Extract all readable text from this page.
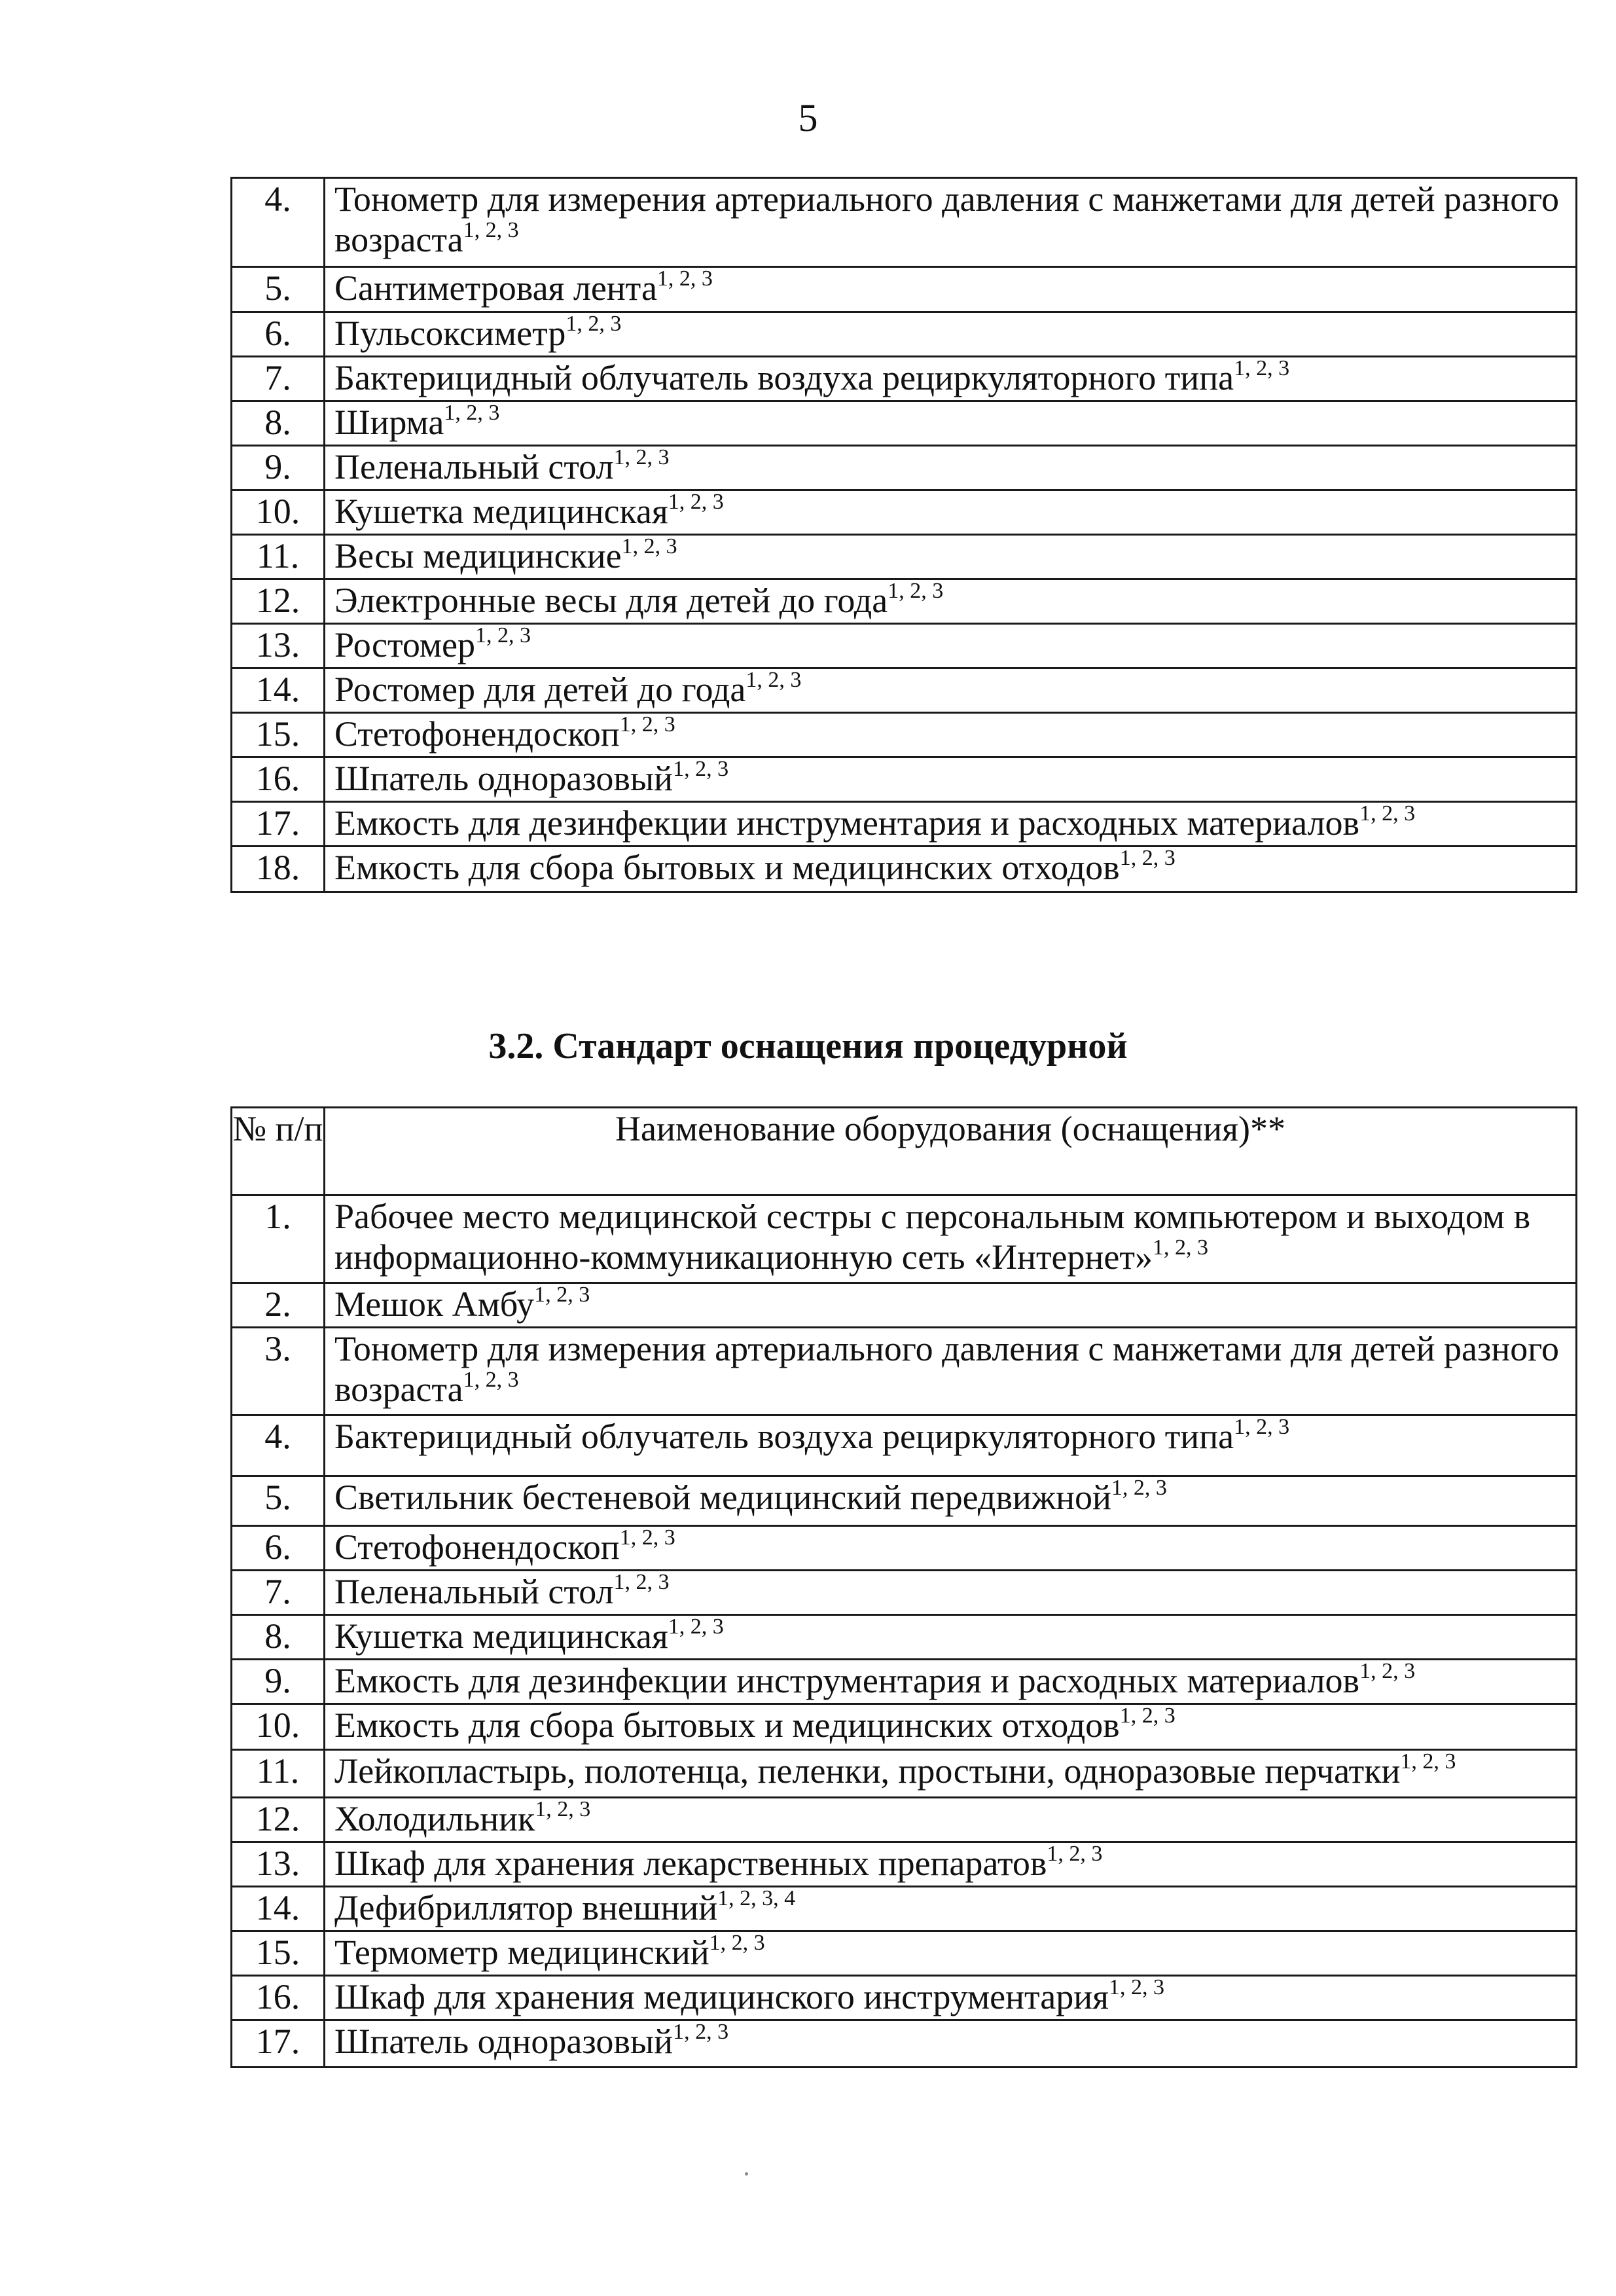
5
4.	Тонометр для измерения артериального давления с манжетами для детей разного возраста$^{1, 2, 3}$
5.	Сантиметровая лента$^{1, 2, 3}$
6.	Пульсоксиметр$^{1, 2, 3}$
7.	Бактерицидный облучатель воздуха рециркуляторного типа$^{1, 2, 3}$
8.	Ширма$^{1, 2, 3}$
9.	Пеленальный стол$^{1, 2, 3}$
10.	Кушетка медицинская$^{1, 2, 3}$
11.	Весы медицинские$^{1, 2, 3}$
12.	Электронные весы для детей до года$^{1, 2, 3}$
13.	Ростомер$^{1, 2, 3}$
14.	Ростомер для детей до года$^{1, 2, 3}$
15.	Стетофонендоскоп$^{1, 2, 3}$
16.	Шпатель одноразовый$^{1, 2, 3}$
17.	Емкость для дезинфекции инструментария и расходных материалов$^{1, 2, 3}$
18.	Емкость для сбора бытовых и медицинских отходов$^{1, 2, 3}$
3.2. Стандарт оснащения процедурной
№ п/п	Наименование оборудования (оснащения)**
1.	Рабочее место медицинской сестры с персональным компьютером и выходом в информационно-коммуникационную сеть «Интернет»$^{1, 2, 3}$
2.	Мешок Амбу$^{1, 2, 3}$
3.	Тонометр для измерения артериального давления с манжетами для детей разного возраста$^{1, 2, 3}$
4.	Бактерицидный облучатель воздуха рециркуляторного типа$^{1, 2, 3}$
5.	Светильник бестеневой медицинский передвижной$^{1, 2, 3}$
6.	Стетофонендоскоп$^{1, 2, 3}$
7.	Пеленальный стол$^{1, 2, 3}$
8.	Кушетка медицинская$^{1, 2, 3}$
9.	Емкость для дезинфекции инструментария и расходных материалов$^{1, 2, 3}$
10.	Емкость для сбора бытовых и медицинских отходов$^{1, 2, 3}$
11.	Лейкопластырь, полотенца, пеленки, простыни, одноразовые перчатки$^{1, 2, 3}$
12.	Холодильник$^{1, 2, 3}$
13.	Шкаф для хранения лекарственных препаратов$^{1, 2, 3}$
14.	Дефибриллятор внешний$^{1, 2, 3, 4}$
15.	Термометр медицинский$^{1, 2, 3}$
16.	Шкаф для хранения медицинского инструментария$^{1, 2, 3}$
17.	Шпатель одноразовый$^{1, 2, 3}$
